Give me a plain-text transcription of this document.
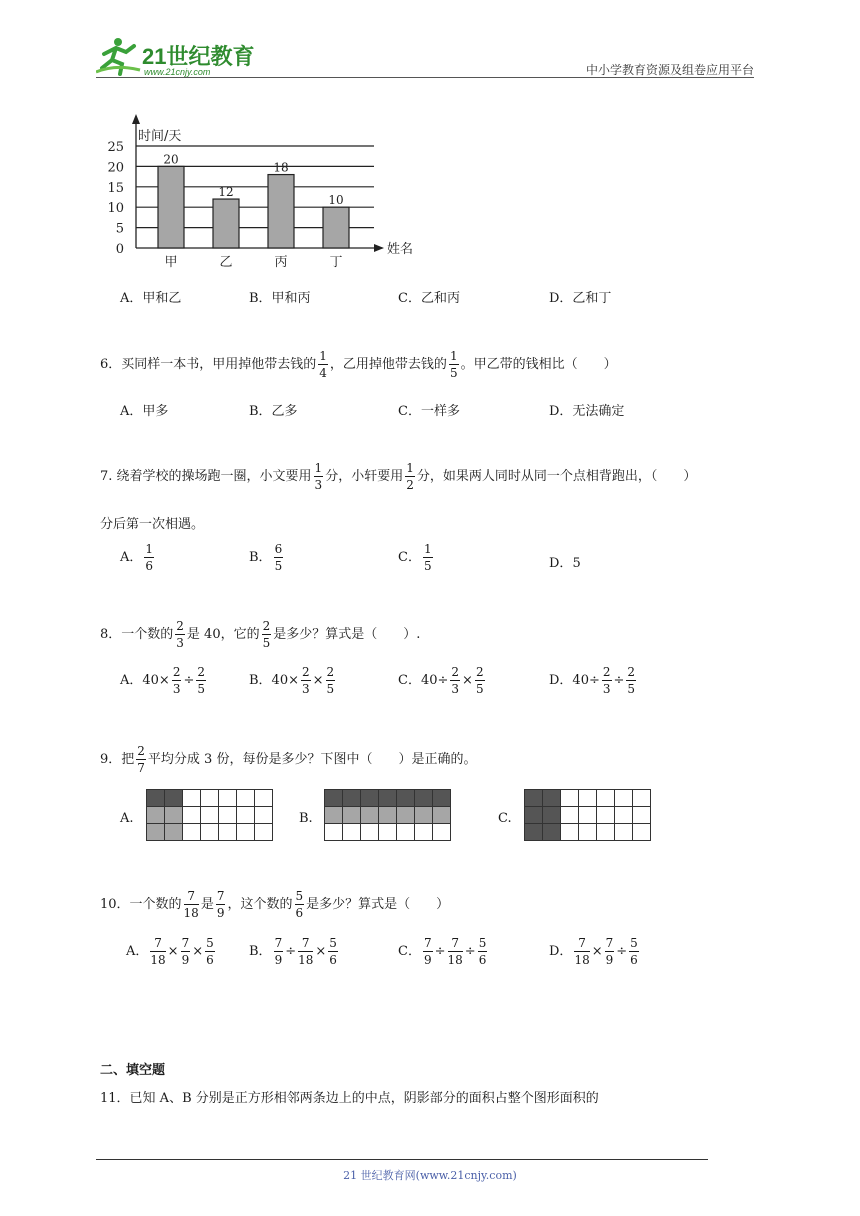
21世纪教育
www.21cnjy.com	中小学教育资源及组卷应用平台
0
5
10
15
20
25
时间/天
姓名
20
甲
12
乙
18
丙
10
丁
A．甲和乙	B．甲和丙	C．乙和丙	D．乙和丁
6．买同样一本书，甲用掉他带去钱的 $\frac{1}{4}$ ，乙用掉他带去钱的 $\frac{1}{5}$ 。甲乙带的钱相比（　　）
A．甲多	B．乙多	C．一样多	D．无法确定
7. 绕着学校的操场跑一圈，小文要用 $\frac{1}{3}$ 分，小轩要用 $\frac{1}{2}$ 分，如果两人同时从同一个点相背跑出，（　　）
分后第一次相遇。
A． $\frac{1}{6}$	B． $\frac{6}{5}$	C． $\frac{1}{5}$	D．5
8．一个数的 $\frac{2}{3}$ 是 40，它的 $\frac{2}{5}$ 是多少？算式是（　　）.
A．$40\times \frac{2}{3} \div \frac{2}{5}$	B．$40\times \frac{2}{3} \times \frac{2}{5}$	C．$40\div \frac{2}{3} \times \frac{2}{5}$	D．$40\div \frac{2}{3} \div \frac{2}{5}$
9．把 $\frac{2}{7}$ 平均分成 3 份，每份是多少？下图中（　　）是正确的。
A.

							B.

							C.

10．一个数的 $\frac{7}{18}$ 是 $\frac{7}{9}$ ，这个数的 $\frac{5}{6}$ 是多少？算式是（　　）
A． $\frac{7}{18} \times \frac{7}{9} \times \frac{5}{6}$	B． $\frac{7}{9} \div \frac{7}{18} \times \frac{5}{6}$	C． $\frac{7}{9} \div \frac{7}{18} \div \frac{5}{6}$	D． $\frac{7}{18} \times \frac{7}{9} \div \frac{5}{6}$
二、填空题
11．已知 A、B 分别是正方形相邻两条边上的中点，阴影部分的面积占整个图形面积的
21 世纪教育网(www.21cnjy.com)
